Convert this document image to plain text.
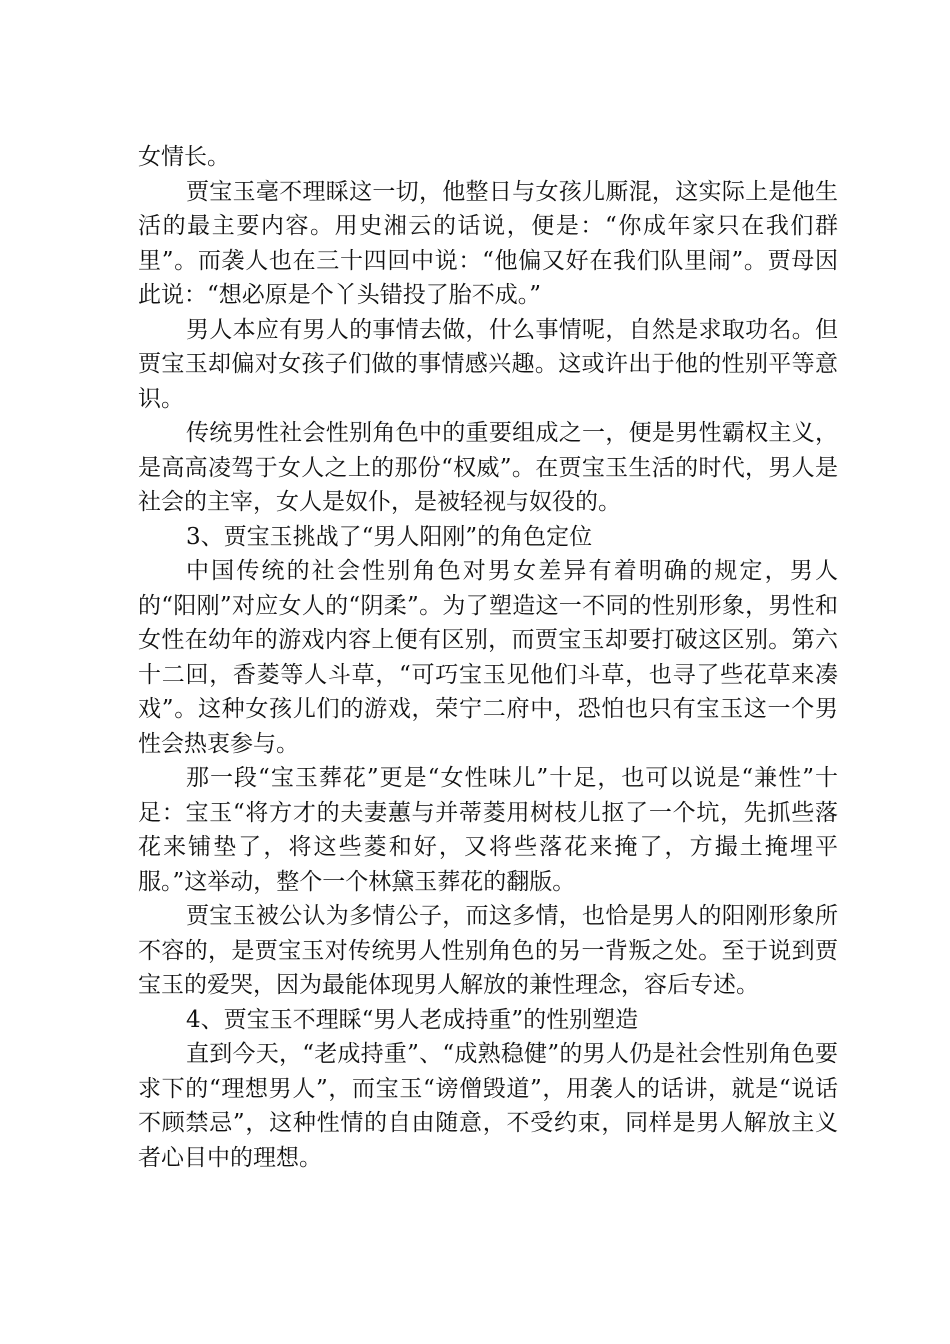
女情长。

贾宝玉毫不理睬这一切，他整日与女孩儿厮混，这实际上是他生活的最主要内容。用史湘云的话说，便是：“你成年家只在我们群里”。而袭人也在三十四回中说：“他偏又好在我们队里闹”。贾母因此说：“想必原是个丫头错投了胎不成。”

男人本应有男人的事情去做，什么事情呢，自然是求取功名。但贾宝玉却偏对女孩子们做的事情感兴趣。这或许出于他的性别平等意识。

传统男性社会性别角色中的重要组成之一，便是男性霸权主义，是高高凌驾于女人之上的那份“权威”。在贾宝玉生活的时代，男人是社会的主宰，女人是奴仆，是被轻视与奴役的。

3、贾宝玉挑战了“男人阳刚”的角色定位

中国传统的社会性别角色对男女差异有着明确的规定，男人的“阳刚”对应女人的“阴柔”。为了塑造这一不同的性别形象，男性和女性在幼年的游戏内容上便有区别，而贾宝玉却要打破这区别。第六十二回，香菱等人斗草，“可巧宝玉见他们斗草，也寻了些花草来凑戏”。这种女孩儿们的游戏，荣宁二府中，恐怕也只有宝玉这一个男性会热衷参与。

那一段“宝玉葬花”更是“女性味儿”十足，也可以说是“兼性”十足：宝玉“将方才的夫妻蕙与并蒂菱用树枝儿抠了一个坑，先抓些落花来铺垫了，将这些菱和好，又将些落花来掩了，方撮土掩埋平服。”这举动，整个一个林黛玉葬花的翻版。

贾宝玉被公认为多情公子，而这多情，也恰是男人的阳刚形象所不容的，是贾宝玉对传统男人性别角色的另一背叛之处。至于说到贾宝玉的爱哭，因为最能体现男人解放的兼性理念，容后专述。

4、贾宝玉不理睬“男人老成持重”的性别塑造

直到今天，“老成持重”、“成熟稳健”的男人仍是社会性别角色要求下的“理想男人”，而宝玉“谤僧毁道”，用袭人的话讲，就是“说话不顾禁忌”，这种性情的自由随意，不受约束，同样是男人解放主义者心目中的理想。
